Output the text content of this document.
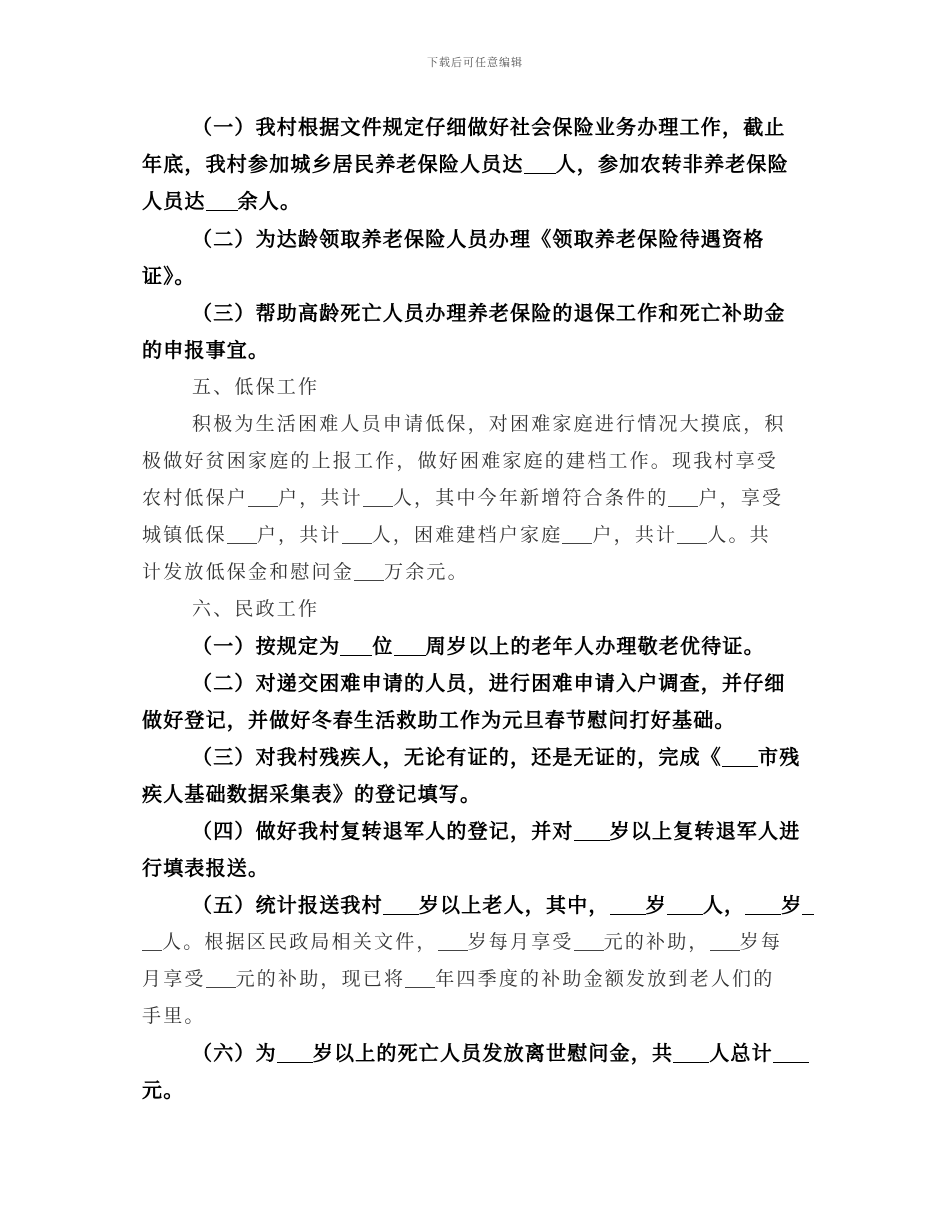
下载后可任意编辑
（一）我村根据文件规定仔细做好社会保险业务办理工作，截止
年底，我村参加城乡居民养老保险人员达 人，参加农转非养老保险
人员达 余人。
（二）为达龄领取养老保险人员办理《领取养老保险待遇资格
证》。
（三）帮助高龄死亡人员办理养老保险的退保工作和死亡补助金
的申报事宜。
五、低保工作
积极为生活困难人员申请低保，对困难家庭进行情况大摸底，积
极做好贫困家庭的上报工作，做好困难家庭的建档工作。现我村享受
农村低保户 户，共计 人，其中今年新增符合条件的 户，享受
城镇低保 户，共计 人，困难建档户家庭 户，共计 人。共
计发放低保金和慰问金 万余元。
六、民政工作
（一）按规定为 位 周岁以上的老年人办理敬老优待证。
（二）对递交困难申请的人员，进行困难申请入户调查，并仔细
做好登记，并做好冬春生活救助工作为元旦春节慰问打好基础。
（三）对我村残疾人，无论有证的，还是无证的，完成《 市残
疾人基础数据采集表》的登记填写。
（四）做好我村复转退军人的登记，并对 岁以上复转退军人进
行填表报送。
（五）统计报送我村 岁以上老人，其中， 岁 人， 岁
人。根据区民政局相关文件， 岁每月享受 元的补助， 岁每
月享受 元的补助，现已将 年四季度的补助金额发放到老人们的
手里。
（六）为 岁以上的死亡人员发放离世慰问金，共 人总计
元。
